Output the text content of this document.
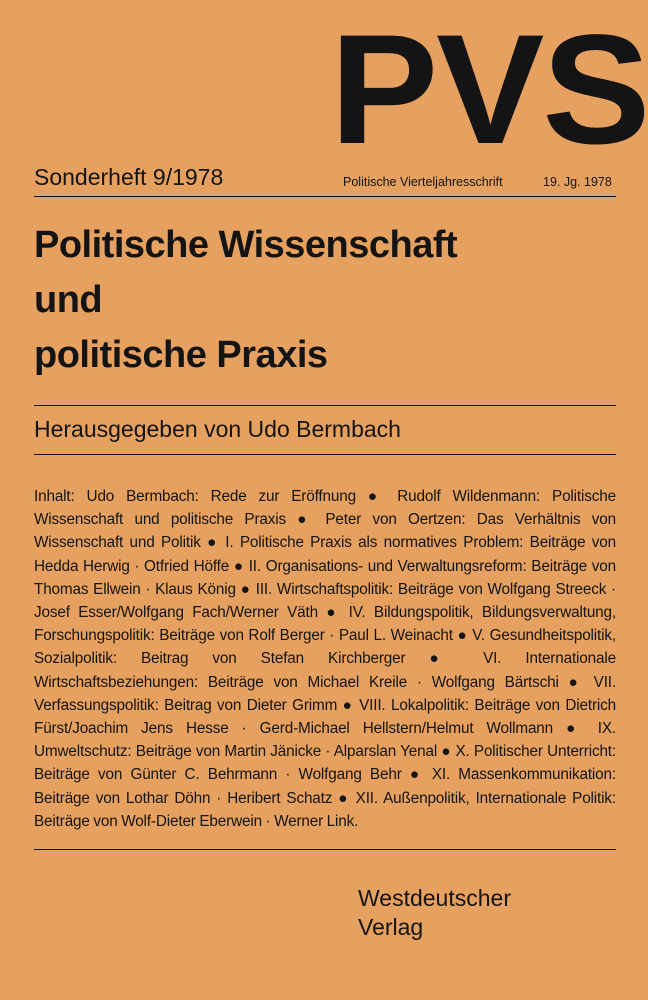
PVS
Sonderheft 9/1978	Politische Vierteljahresschrift	19. Jg. 1978
Politische Wissenschaft
und
politische Praxis
Herausgegeben von Udo Bermbach
Inhalt: Udo Bermbach: Rede zur Eröffnung ● Rudolf Wildenmann: Politische Wissenschaft und politische Praxis ● Peter von Oertzen: Das Verhältnis von Wissenschaft und Politik ● I. Politische Praxis als normatives Problem: Beiträge von Hedda Herwig · Otfried Höffe ● II. Organisations- und Verwaltungsreform: Beiträge von Thomas Ellwein · Klaus König ● III. Wirtschaftspolitik: Beiträge von Wolfgang Streeck · Josef Esser/Wolfgang Fach/Werner Väth ● IV. Bildungspolitik, Bildungsverwaltung, Forschungspolitik: Beiträge von Rolf Berger · Paul L. Weinacht ● V. Gesundheitspolitik, Sozialpolitik: Beitrag von Stefan Kirchberger ● VI. Internationale Wirtschaftsbeziehungen: Beiträge von Michael Kreile · Wolfgang Bärtschi ● VII. Verfassungspolitik: Beitrag von Dieter Grimm ● VIII. Lokalpolitik: Beiträge von Dietrich Fürst/Joachim Jens Hesse · Gerd-Michael Hellstern/Helmut Wollmann ● IX. Umweltschutz: Beiträge von Martin Jänicke · Alparslan Yenal ● X. Politischer Unterricht: Beiträge von Günter C. Behrmann · Wolfgang Behr ● XI. Massenkommunikation: Beiträge von Lothar Döhn · Heribert Schatz ● XII. Außenpolitik, Internationale Politik: Beiträge von Wolf-Dieter Eberwein · Werner Link.
Westdeutscher
Verlag
